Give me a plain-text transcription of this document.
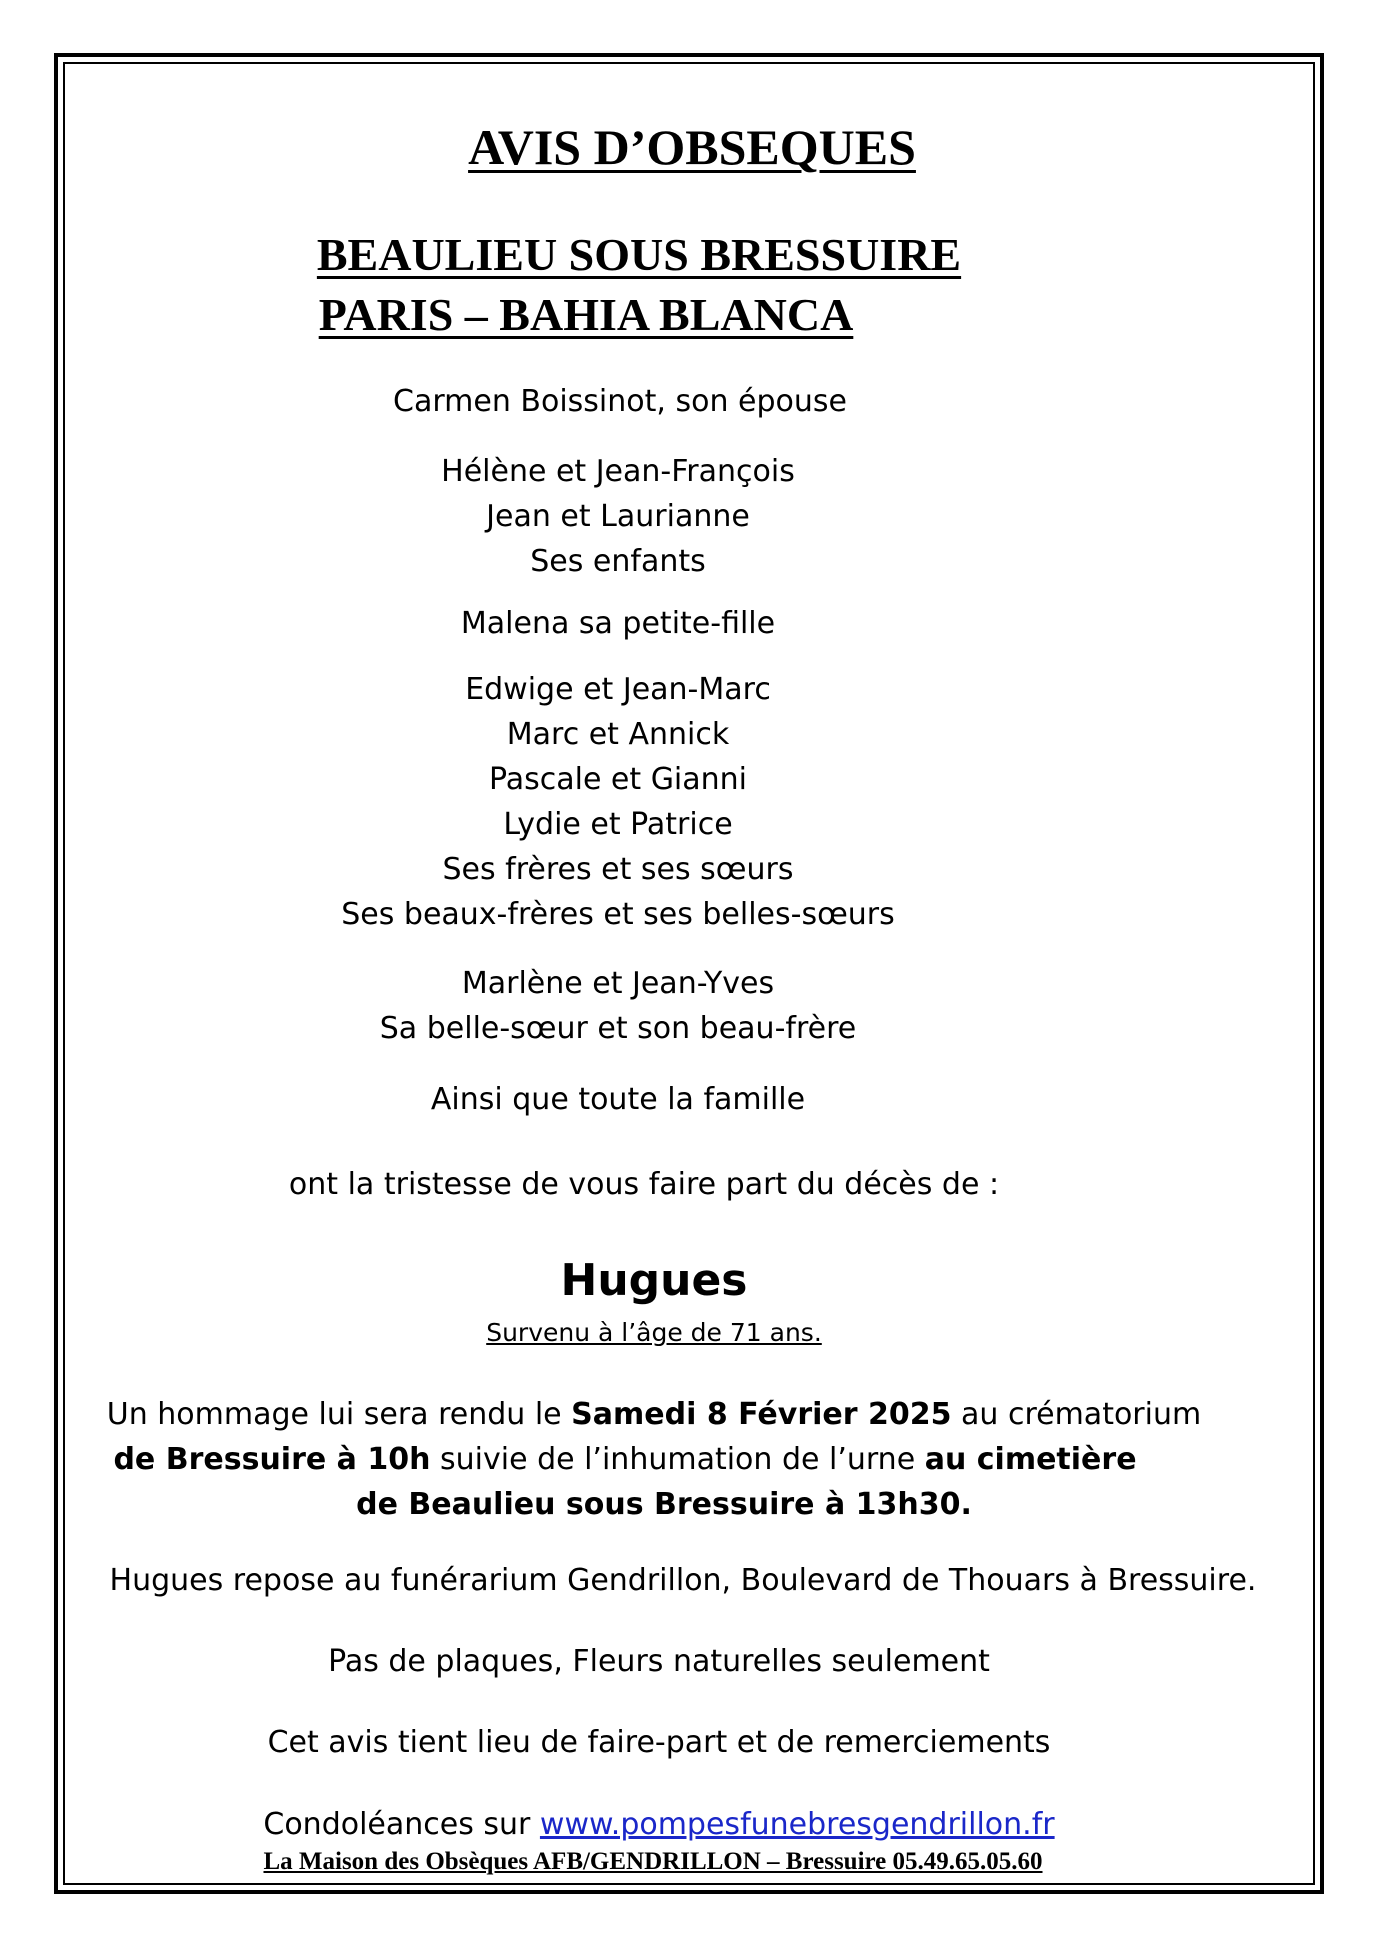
AVIS D’OBSEQUES
BEAULIEU SOUS BRESSUIRE
PARIS – BAHIA BLANCA
Carmen Boissinot, son épouse
Hélène et Jean-François
Jean et Laurianne
Ses enfants
Malena sa petite-fille
Edwige et Jean-Marc
Marc et Annick
Pascale et Gianni
Lydie et Patrice
Ses frères et ses sœurs
Ses beaux-frères et ses belles-sœurs
Marlène et Jean-Yves
Sa belle-sœur et son beau-frère
Ainsi que toute la famille
ont la tristesse de vous faire part du décès de :
Hugues
Survenu à l’âge de 71 ans.
Un hommage lui sera rendu le Samedi 8 Février 2025 au crématorium
de Bressuire à 10h suivie de l’inhumation de l’urne au cimetière
de Beaulieu sous Bressuire à 13h30.
Hugues repose au funérarium Gendrillon, Boulevard de Thouars à Bressuire.
Pas de plaques, Fleurs naturelles seulement
Cet avis tient lieu de faire-part et de remerciements
Condoléances sur www.pompesfunebresgendrillon.fr
La Maison des Obsèques AFB/GENDRILLON – Bressuire 05.49.65.05.60
